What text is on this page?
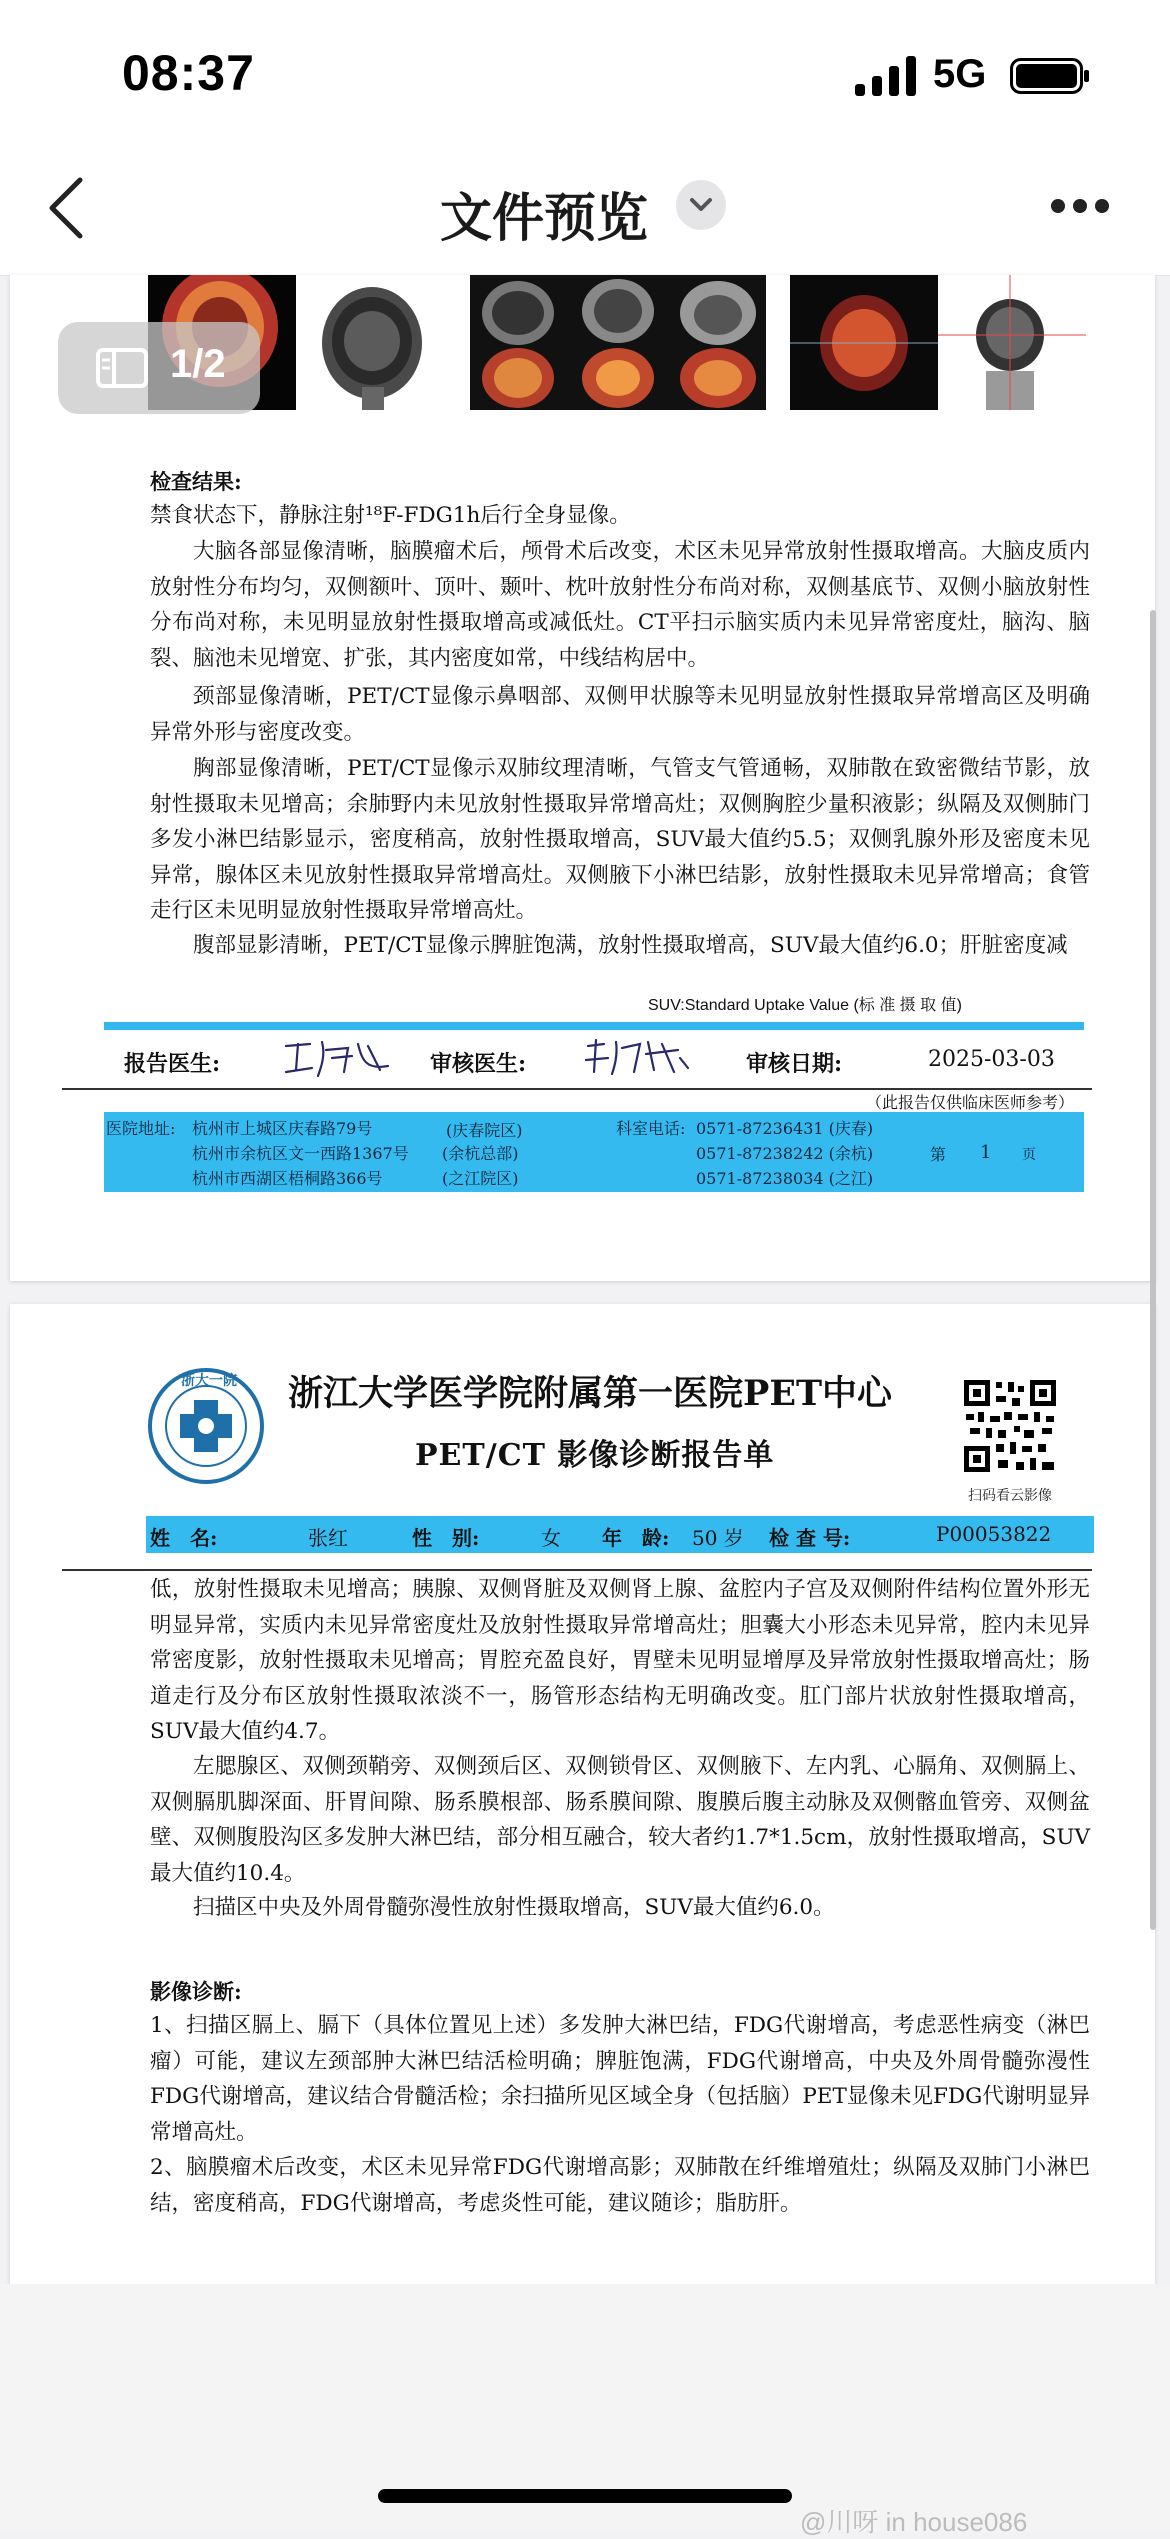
08:37	5G
文件预览
1/2
检查结果:
禁食状态下，静脉注射¹⁸F-FDG1h后行全身显像。
大脑各部显像清晰，脑膜瘤术后，颅骨术后改变，术区未见异常放射性摄取增高。大脑皮质内放射性分布均匀，双侧额叶、顶叶、颞叶、枕叶放射性分布尚对称，双侧基底节、双侧小脑放射性分布尚对称，未见明显放射性摄取增高或减低灶。CT平扫示脑实质内未见异常密度灶，脑沟、脑裂、脑池未见增宽、扩张，其内密度如常，中线结构居中。
颈部显像清晰，PET/CT显像示鼻咽部、双侧甲状腺等未见明显放射性摄取异常增高区及明确异常外形与密度改变。
胸部显像清晰，PET/CT显像示双肺纹理清晰，气管支气管通畅，双肺散在致密微结节影，放射性摄取未见增高；余肺野内未见放射性摄取异常增高灶；双侧胸腔少量积液影；纵隔及双侧肺门多发小淋巴结影显示，密度稍高，放射性摄取增高，SUV最大值约5.5；双侧乳腺外形及密度未见异常，腺体区未见放射性摄取异常增高灶。双侧腋下小淋巴结影，放射性摄取未见异常增高；食管走行区未见明显放射性摄取异常增高灶。
腹部显影清晰，PET/CT显像示脾脏饱满，放射性摄取增高，SUV最大值约6.0；肝脏密度减
SUV:Standard Uptake Value (标 准 摄 取 值)
报告医生:	审核医生:	审核日期:	2025-03-03
（此报告仅供临床医师参考）
医院地址: 杭州市上城区庆春路79号	(庆春院区)
杭州市余杭区文一西路1367号 (余杭总部)
杭州市西湖区梧桐路366号	(之江院区)
科室电话: 0571-87236431 (庆春)
0571-87238242 (余杭)
0571-87238034 (之江)
第 1 页
浙大一院 浙江大学医学院附属第一医院PET中心
PET/CT 影像诊断报告单
扫码看云影像
姓　名:	张红	性　别:	女 年　龄: 50 岁 检 查 号:	P00053822
低，放射性摄取未见增高；胰腺、双侧肾脏及双侧肾上腺、盆腔内子宫及双侧附件结构位置外形无明显异常，实质内未见异常密度灶及放射性摄取异常增高灶；胆囊大小形态未见异常，腔内未见异常密度影，放射性摄取未见增高；胃腔充盈良好，胃壁未见明显增厚及异常放射性摄取增高灶；肠道走行及分布区放射性摄取浓淡不一，肠管形态结构无明确改变。肛门部片状放射性摄取增高，SUV最大值约4.7。
左腮腺区、双侧颈鞘旁、双侧颈后区、双侧锁骨区、双侧腋下、左内乳、心膈角、双侧膈上、双侧膈肌脚深面、肝胃间隙、肠系膜根部、肠系膜间隙、腹膜后腹主动脉及双侧髂血管旁、双侧盆壁、双侧腹股沟区多发肿大淋巴结，部分相互融合，较大者约1.7*1.5cm，放射性摄取增高，SUV最大值约10.4。
扫描区中央及外周骨髓弥漫性放射性摄取增高，SUV最大值约6.0。
影像诊断:
1、扫描区膈上、膈下（具体位置见上述）多发肿大淋巴结，FDG代谢增高，考虑恶性病变（淋巴瘤）可能，建议左颈部肿大淋巴结活检明确；脾脏饱满，FDG代谢增高，中央及外周骨髓弥漫性FDG代谢增高，建议结合骨髓活检；余扫描所见区域全身（包括脑）PET显像未见FDG代谢明显异常增高灶。
2、脑膜瘤术后改变，术区未见异常FDG代谢增高影；双肺散在纤维增殖灶；纵隔及双肺门小淋巴结，密度稍高，FDG代谢增高，考虑炎性可能，建议随诊；脂肪肝。
@川呀 in house086
